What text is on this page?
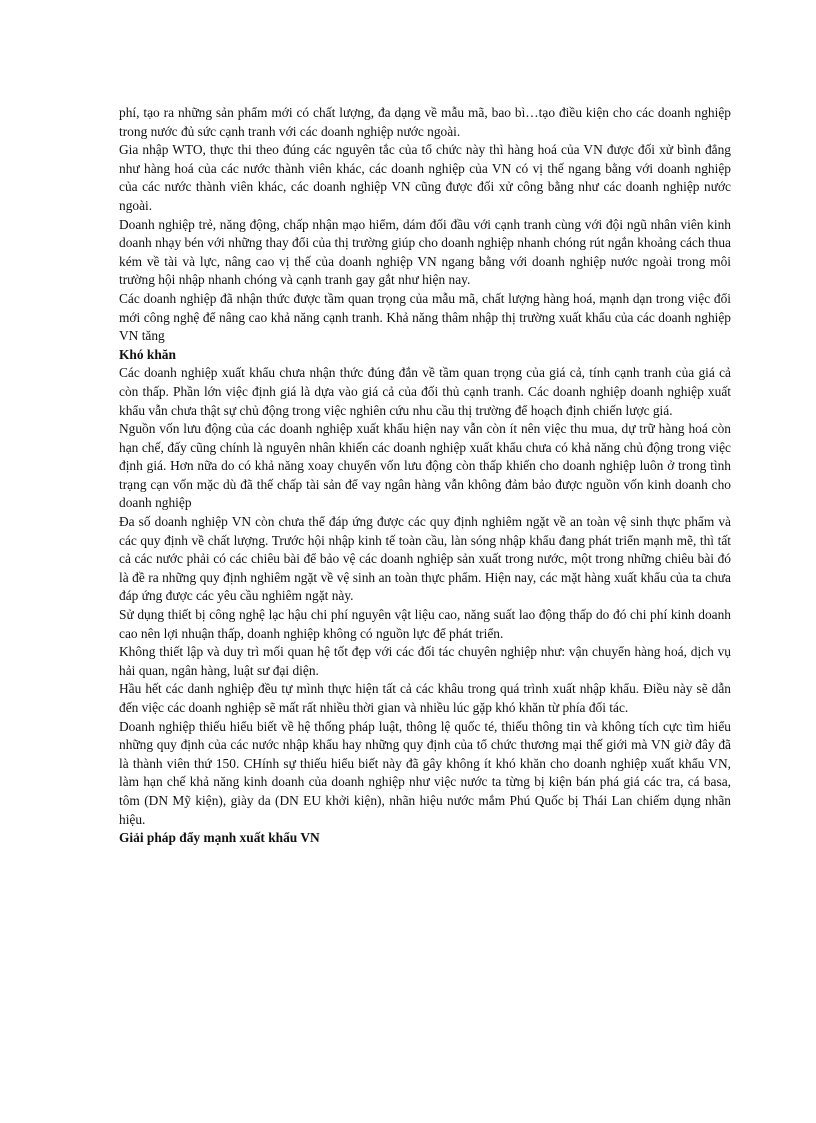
phí, tạo ra những sản phẩm mới có chất lượng, đa dạng về mẫu mã, bao bì…tạo điều kiện cho các doanh nghiệp trong nước đủ sức cạnh tranh với các doanh nghiệp nước ngoài.

Gia nhập WTO, thực thi theo đúng các nguyên tắc của tổ chức này thì hàng hoá của VN được đối xử bình đẳng như hàng hoá của các nước thành viên khác, các doanh nghiệp của VN có vị thế ngang bằng với doanh nghiệp của các nước thành viên khác, các doanh nghiệp VN cũng được đối xử công bằng như các doanh nghiệp nước ngoài.

Doanh nghiệp trẻ, năng động, chấp nhận mạo hiểm, dám đối đầu với cạnh tranh cùng với đội ngũ nhân viên kinh doanh nhạy bén với những thay đổi của thị trường giúp cho doanh nghiệp nhanh chóng rút ngắn khoảng cách thua kém về tài và lực, nâng cao vị thế của doanh nghiệp VN ngang bằng với doanh nghiệp nước ngoài trong môi trường hội nhập nhanh chóng và cạnh tranh gay gắt như hiện nay.

Các doanh nghiệp đã nhận thức được tầm quan trọng của mẫu mã, chất lượng hàng hoá, mạnh dạn trong việc đổi mới công nghệ để nâng cao khả năng cạnh tranh. Khả năng thâm nhập thị trường xuất khẩu của các doanh nghiệp VN tăng

Khó khăn

Các doanh nghiệp xuất khẩu chưa nhận thức đúng đắn về tầm quan trọng của giá cả, tính cạnh tranh của giá cả còn thấp. Phần lớn việc định giá là dựa vào giá cả của đối thủ cạnh tranh. Các doanh nghiệp doanh nghiệp xuất khẩu vẫn chưa thật sự chủ động trong việc nghiên cứu nhu cầu thị trường để hoạch định chiến lược giá.

Nguồn vốn lưu động của các doanh nghiệp xuất khẩu hiện nay vẫn còn ít nên việc thu mua, dự trữ hàng hoá còn hạn chế, đấy cũng chính là nguyên nhân khiến các doanh nghiệp xuất khẩu chưa có khả năng chủ động trong việc định giá. Hơn nữa do có khả năng xoay chuyển vốn lưu động còn thấp khiến cho doanh nghiệp luôn ở trong tình trạng cạn vốn mặc dù đã thế chấp tài sản để vay ngân hàng vẫn không đảm bảo được nguồn vốn kinh doanh cho doanh nghiệp

Đa số doanh nghiệp VN còn chưa thể đáp ứng được các quy định nghiêm ngặt về an toàn vệ sinh thực phẩm và các quy định về chất lượng. Trước hội nhập kinh tế toàn cầu, làn sóng nhập khẩu đang phát triển mạnh mẽ, thì tất cả các nước phải có các chiêu bài để bảo vệ các doanh nghiệp sản xuất trong nước, một trong những chiêu bài đó là đề ra những quy định nghiêm ngặt về vệ sinh an toàn thực phẩm. Hiện nay, các mặt hàng xuất khẩu của ta chưa đáp ứng được các yêu cầu nghiêm ngặt này.

Sử dụng thiết bị công nghệ lạc hậu chi phí nguyên vật liệu cao, năng suất lao động thấp do đó chi phí kinh doanh cao nên lợi nhuận thấp, doanh nghiệp không có nguồn lực để phát triển.

Không thiết lập và duy trì mối quan hệ tốt đẹp với các đối tác chuyên nghiệp như: vận chuyển hàng hoá, dịch vụ hải quan, ngân hàng, luật sư đại diện.

Hầu hết các danh nghiệp đều tự mình thực hiện tất cả các khâu trong quá trình xuất nhập khẩu. Điều này sẽ dẫn đến việc các doanh nghiệp sẽ mất rất nhiều thời gian và nhiều lúc gặp khó khăn từ phía đối tác.

Doanh nghiệp thiếu hiểu biết về hệ thống pháp luật, thông lệ quốc té, thiếu thông tin và không tích cực tìm hiểu những quy định của các nước nhập khẩu hay những quy định của tổ chức thương mại thế giới mà VN giờ đây đã là thành viên thứ 150. CHính sự thiếu hiểu biết này đã gây không ít khó khăn cho doanh nghiệp xuất khẩu VN, làm hạn chế khả năng kinh doanh của doanh nghiệp như việc nước ta từng bị kiện bán phá giá các tra, cá basa, tôm (DN Mỹ kiện), giày da (DN EU khởi kiện), nhãn hiệu nước mắm Phú Quốc bị Thái Lan chiếm dụng nhãn hiệu.

Giải pháp đẩy mạnh xuất khẩu VN
